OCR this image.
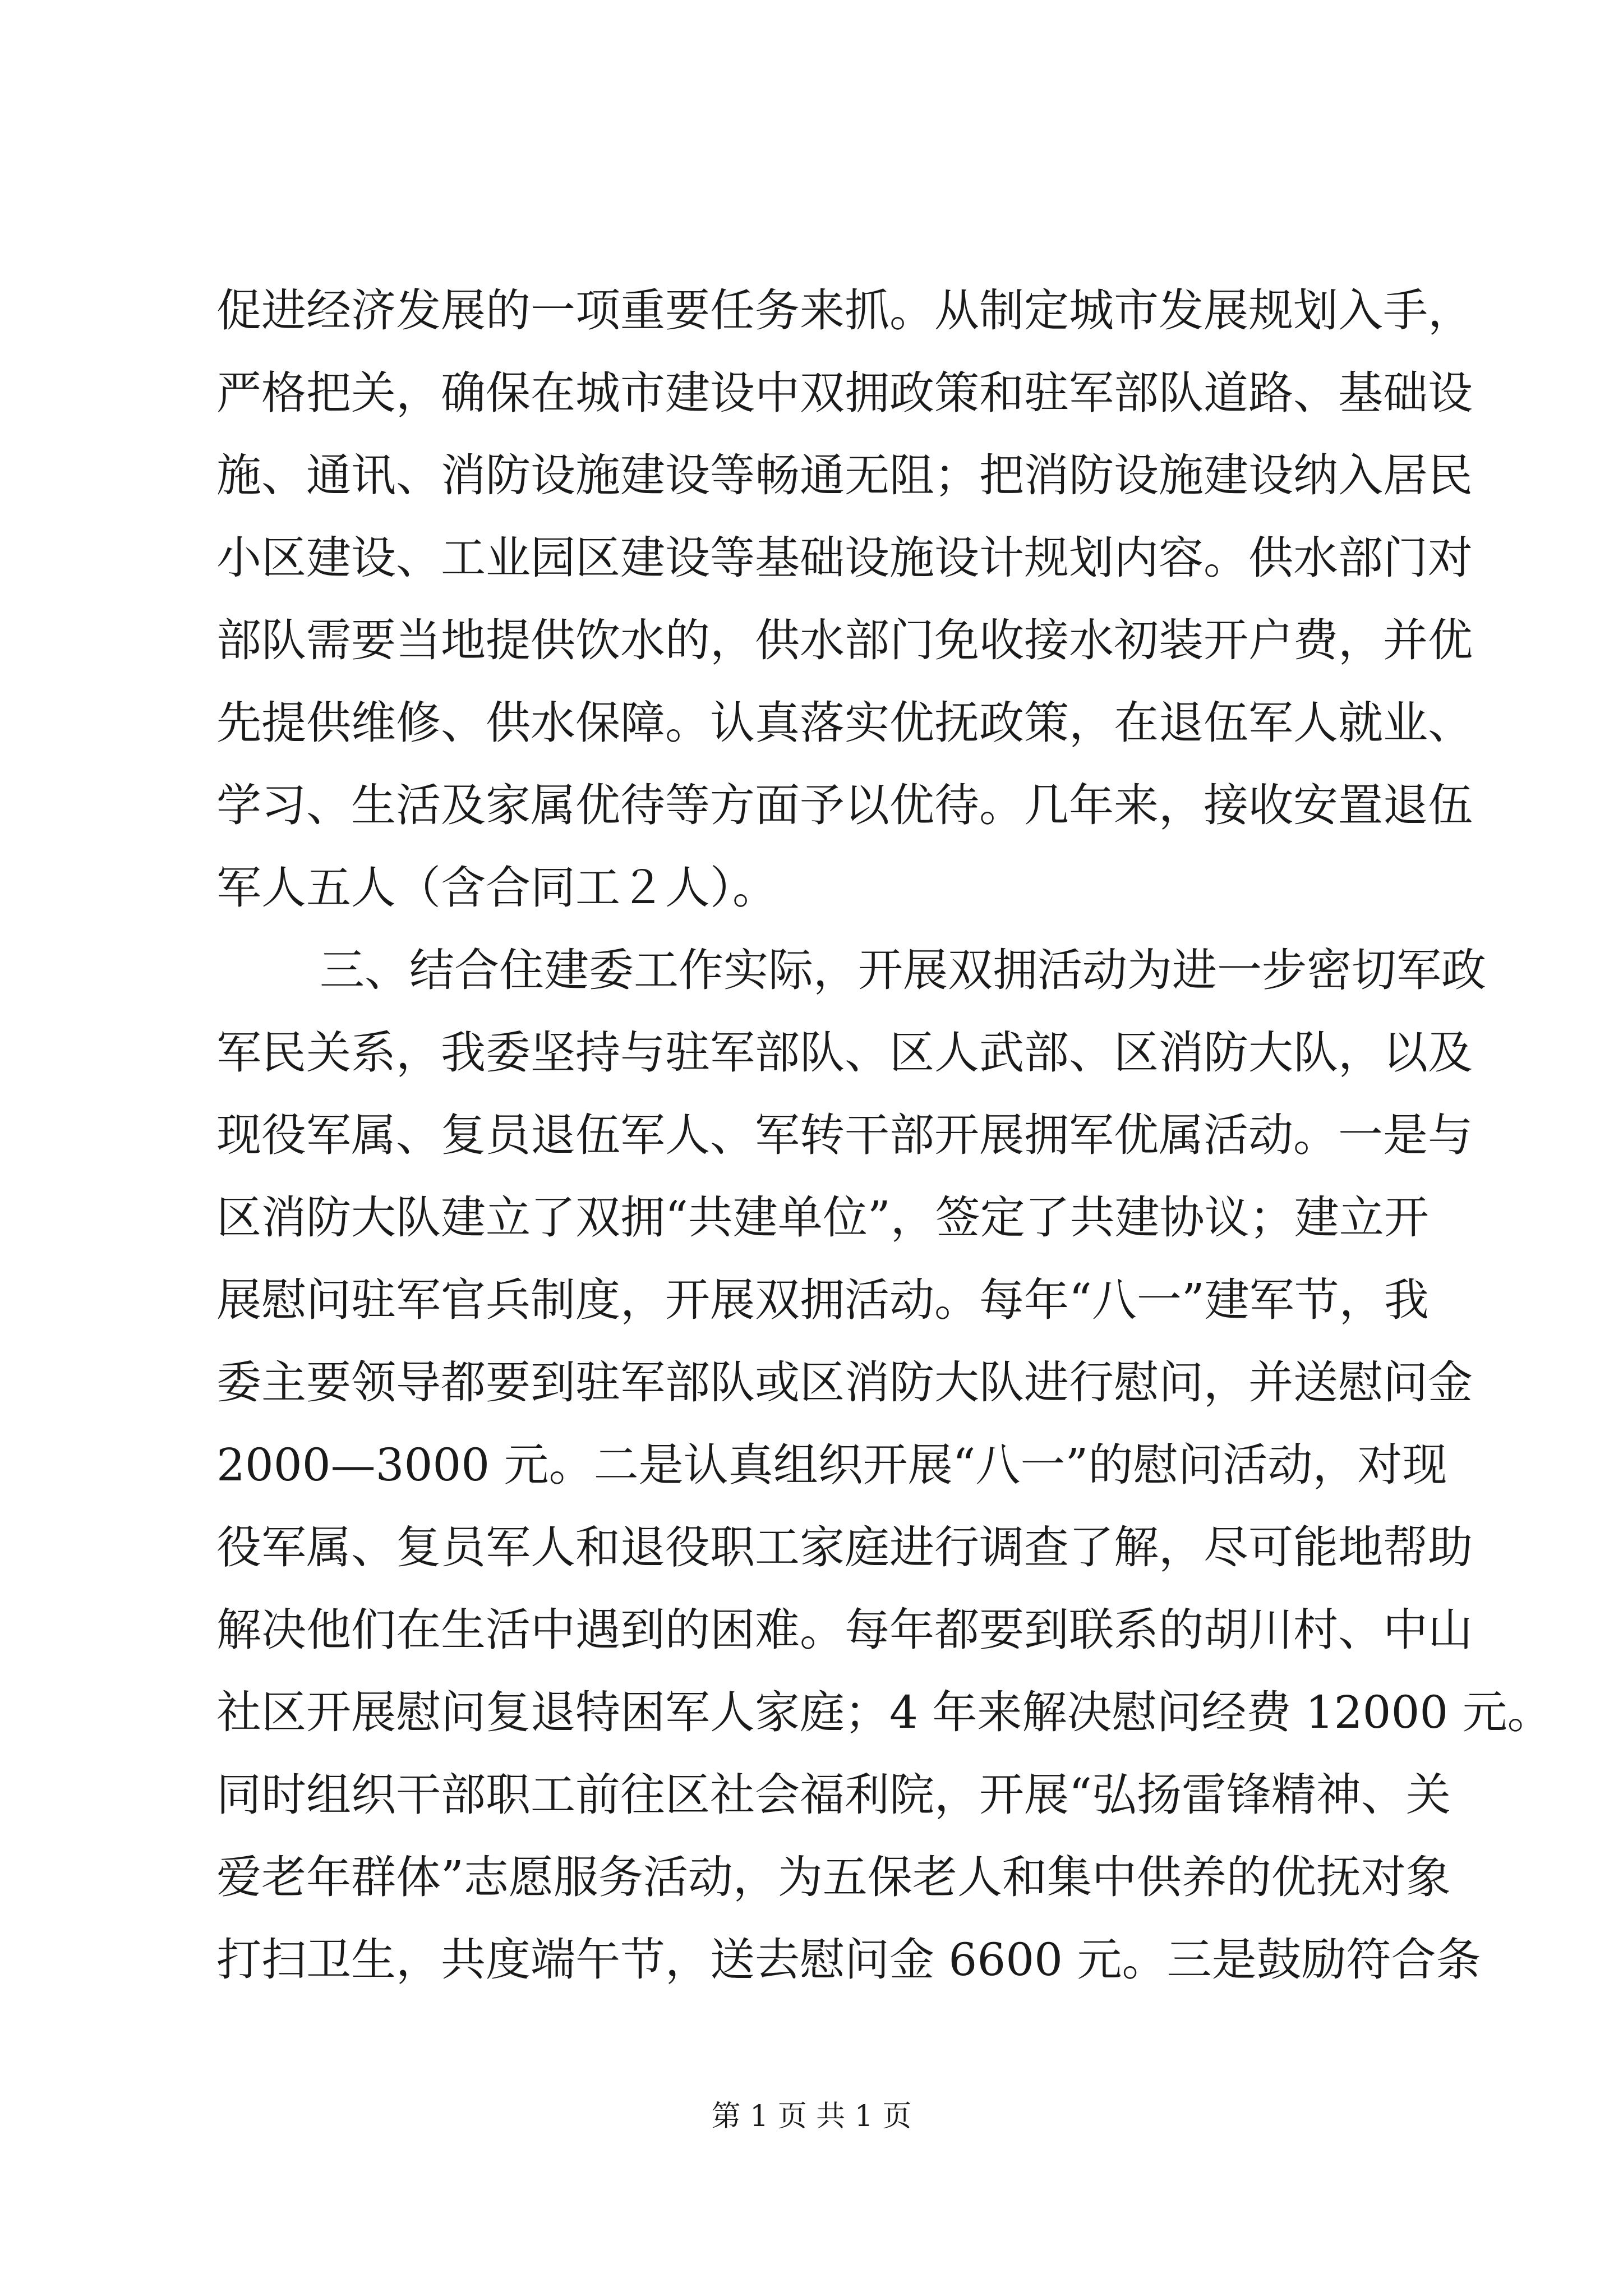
促进经济发展的一项重要任务来抓。从制定城市发展规划入手，
严格把关，确保在城市建设中双拥政策和驻军部队道路、基础设
施、通讯、消防设施建设等畅通无阻；把消防设施建设纳入居民
小区建设、工业园区建设等基础设施设计规划内容。供水部门对
部队需要当地提供饮水的，供水部门免收接水初装开户费，并优
先提供维修、供水保障。认真落实优抚政策，在退伍军人就业、
学习、生活及家属优待等方面予以优待。几年来，接收安置退伍
军人五人（含合同工２人）。
三、结合住建委工作实际，开展双拥活动为进一步密切军政
军民关系，我委坚持与驻军部队、区人武部、区消防大队，以及
现役军属、复员退伍军人、军转干部开展拥军优属活动。一是与
区消防大队建立了双拥“共建单位”，签定了共建协议；建立开
展慰问驻军官兵制度，开展双拥活动。每年“八一”建军节，我
委主要领导都要到驻军部队或区消防大队进行慰问，并送慰问金
2000—3000 元。二是认真组织开展“八一”的慰问活动，对现
役军属、复员军人和退役职工家庭进行调查了解，尽可能地帮助
解决他们在生活中遇到的困难。每年都要到联系的胡川村、中山
社区开展慰问复退特困军人家庭；4 年来解决慰问经费 12000 元。
同时组织干部职工前往区社会福利院，开展“弘扬雷锋精神、关
爱老年群体”志愿服务活动，为五保老人和集中供养的优抚对象
打扫卫生，共度端午节，送去慰问金 6600 元。三是鼓励符合条
第 1 页 共 1 页
